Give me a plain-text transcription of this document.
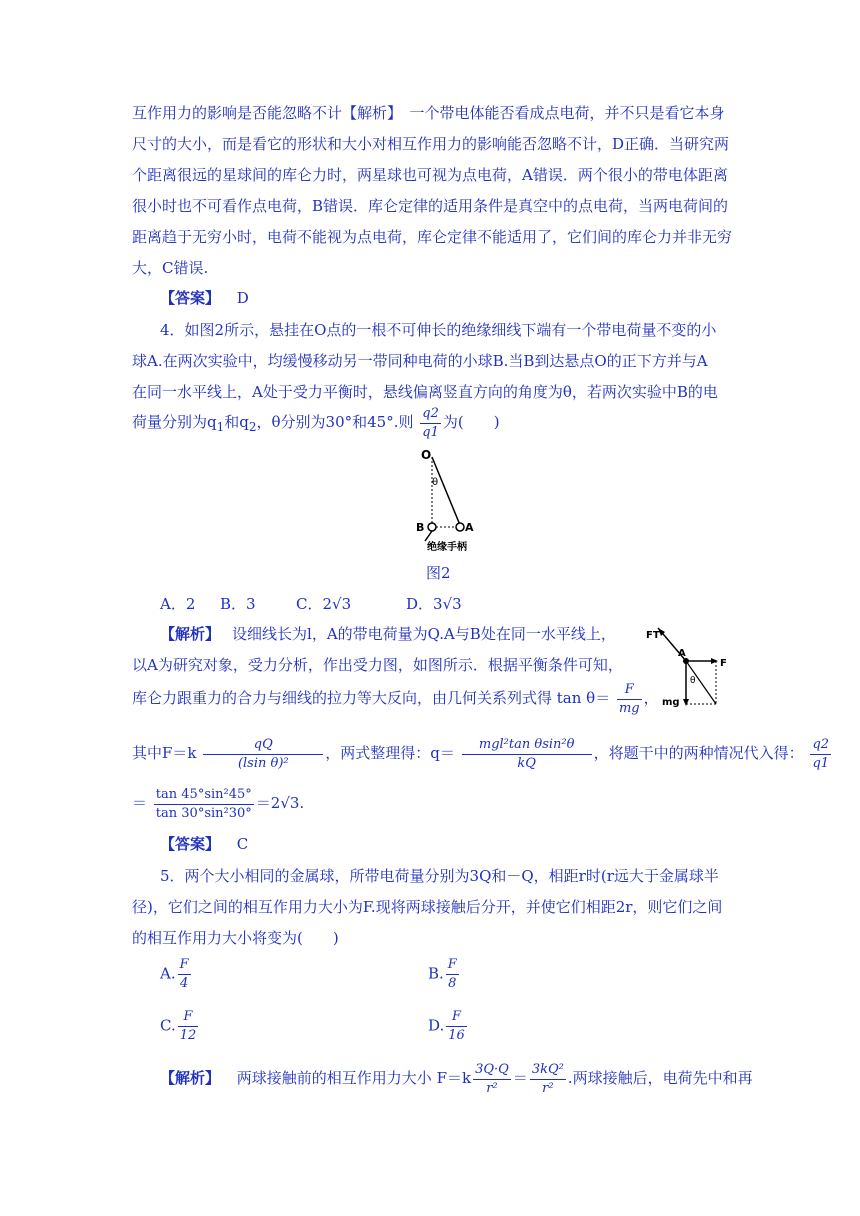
互作用力的影响是否能忽略不计【解析】　一个带电体能否看成点电荷，并不只是看它本身
尺寸的大小，而是看它的形状和大小对相互作用力的影响能否忽略不计，D正确．当研究两
个距离很远的星球间的库仑力时，两星球也可视为点电荷，A错误．两个很小的带电体距离
很小时也不可看作点电荷，B错误．库仑定律的适用条件是真空中的点电荷，当两电荷间的
距离趋于无穷小时，电荷不能视为点电荷，库仑定律不能适用了，它们间的库仑力并非无穷
大，C错误.
【答案】 D
4．如图2所示，悬挂在O点的一根不可伸长的绝缘细线下端有一个带电荷量不变的小
球A.在两次实验中，均缓慢移动另一带同种电荷的小球B.当B到达悬点O的正下方并与A
在同一水平线上，A处于受力平衡时，悬线偏离竖直方向的角度为θ，若两次实验中B的电
荷量分别为$q_1$和$q_2$，θ分别为30°和45°.则 $\frac{q2}{q1}$ 为(　　)
O
θ
B	A
绝缘手柄
图2
A．2 B．3	C．2√3	D．3√3
【解析】 设细线长为l，A的带电荷量为Q.A与B处在同一水平线上，
以A为研究对象，受力分析，作出受力图，如图所示．根据平衡条件可知，
库仑力跟重力的合力与细线的拉力等大反向，由几何关系列式得 $\tan \theta= \frac{F}{mg}$ ，
其中$F=k \frac{qQ}{\text{(lsin θ)²}}$ ，两式整理得：$q= \frac{\text{mgl²tan θsin²θ}}{kQ}$ ，将题干中的两种情况代入得： $\frac{q2}{q1}$
＝ $\frac{\text{tan 45°sin²45°}}{\text{tan 30°sin²30°}} =2√3$.
FT
A
F
θ
mg
【答案】 C
5．两个大小相同的金属球，所带电荷量分别为3Q和－Q，相距r时(r远大于金属球半
径)，它们之间的相互作用力大小为F.现将两球接触后分开，并使它们相距2r，则它们之间
的相互作用力大小将变为(　　)
A. $\frac{F}{4}$	B. $\frac{F}{8}$
C. $\frac{F}{12}$	D. $\frac{F}{16}$
【解析】 两球接触前的相互作用力大小 $F=k \frac{3Q\cdot Q}{\text{r²}} = \frac{\text{3kQ²}}{\text{r²}}$ .两球接触后，电荷先中和再
